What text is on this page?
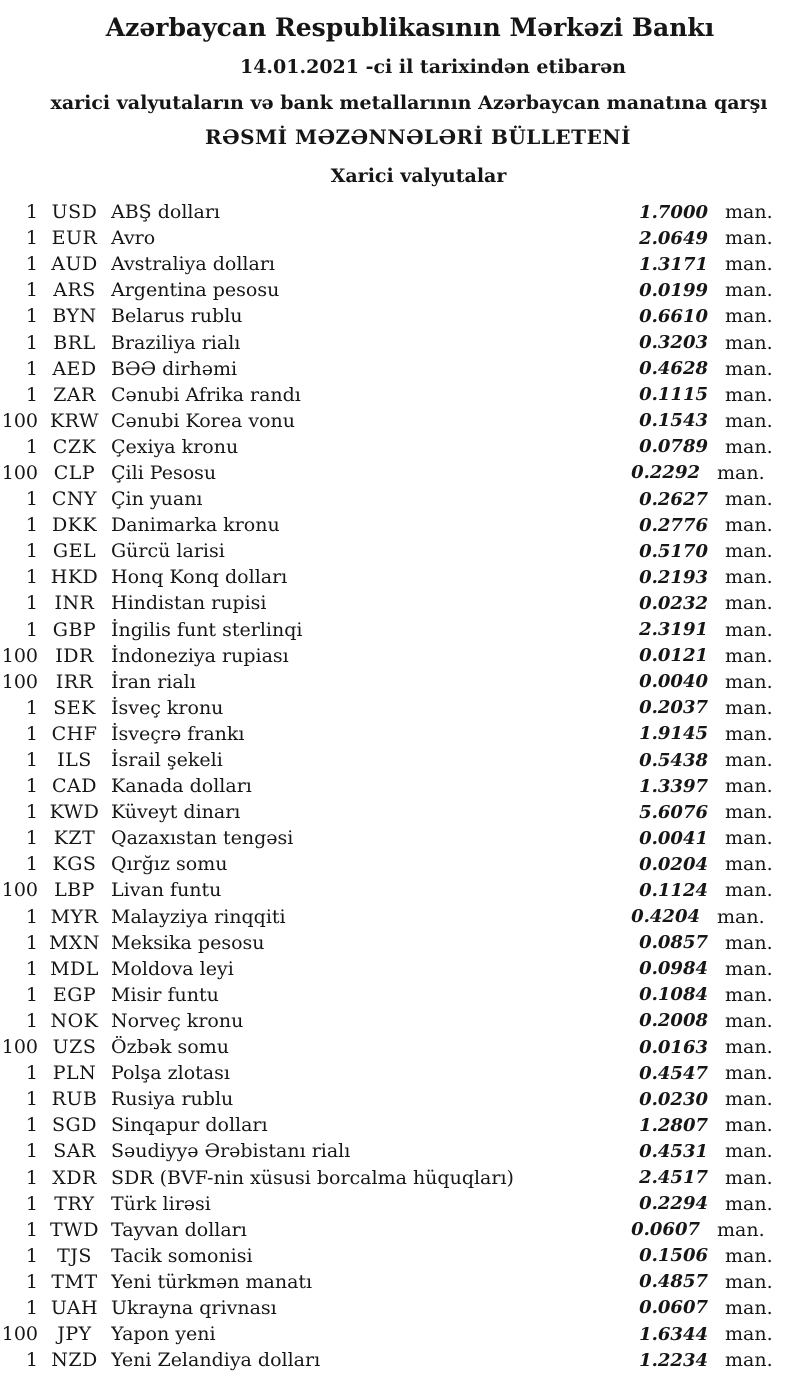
Azərbaycan Respublikasının Mərkəzi Bankı
14.01.2021 -ci il tarixindən etibarən
xarici valyutaların və bank metallarının Azərbaycan manatına qarşı
RƏSMİ MƏZƏNNƏLƏRİ BÜLLETENİ
Xarici valyutalar
1 USD ABŞ dolları	1.7000 man.
1 EUR Avro	2.0649 man.
1 AUD Avstraliya dolları	1.3171 man.
1 ARS Argentina pesosu	0.0199 man.
1 BYN Belarus rublu	0.6610 man.
1 BRL Braziliya rialı	0.3203 man.
1 AED BƏƏ dirhəmi	0.4628 man.
1 ZAR Cənubi Afrika randı	0.1115 man.
100 KRW Cənubi Korea vonu	0.1543 man.
1 CZK Çexiya kronu	0.0789 man.
100 CLP Çili Pesosu	0.2292 man.
1 CNY Çin yuanı	0.2627 man.
1 DKK Danimarka kronu	0.2776 man.
1 GEL Gürcü larisi	0.5170 man.
1 HKD Honq Konq dolları	0.2193 man.
1 INR Hindistan rupisi	0.0232 man.
1 GBP İngilis funt sterlinqi	2.3191 man.
100 IDR İndoneziya rupiası	0.0121 man.
100 IRR İran rialı	0.0040 man.
1 SEK İsveç kronu	0.2037 man.
1 CHF İsveçrə frankı	1.9145 man.
1	ILS	İsrail şekeli	0.5438 man.
1 CAD Kanada dolları	1.3397 man.
1 KWD Küveyt dinarı	5.6076 man.
1 KZT Qazaxıstan tengəsi	0.0041 man.
1 KGS Qırğız somu	0.0204 man.
100 LBP Livan funtu	0.1124 man.
1 MYR Malayziya rinqqiti	0.4204 man.
1 MXN Meksika pesosu	0.0857 man.
1 MDL Moldova leyi	0.0984 man.
1 EGP Misir funtu	0.1084 man.
1 NOK Norveç kronu	0.2008 man.
100 UZS Özbək somu	0.0163 man.
1 PLN Polşa zlotası	0.4547 man.
1 RUB Rusiya rublu	0.0230 man.
1 SGD Sinqapur dolları	1.2807 man.
1 SAR Səudiyyə Ərəbistanı rialı	0.4531 man.
1 XDR SDR (BVF-nin xüsusi borcalma hüquqları)	2.4517 man.
1 TRY Türk lirəsi	0.2294 man.
1 TWD Tayvan dolları	0.0607 man.
1	TJS	Tacik somonisi	0.1506 man.
1 TMT Yeni türkmən manatı	0.4857 man.
1 UAH Ukrayna qrivnası	0.0607 man.
100	JPY	Yapon yeni	1.6344 man.
1 NZD Yeni Zelandiya dolları	1.2234 man.
